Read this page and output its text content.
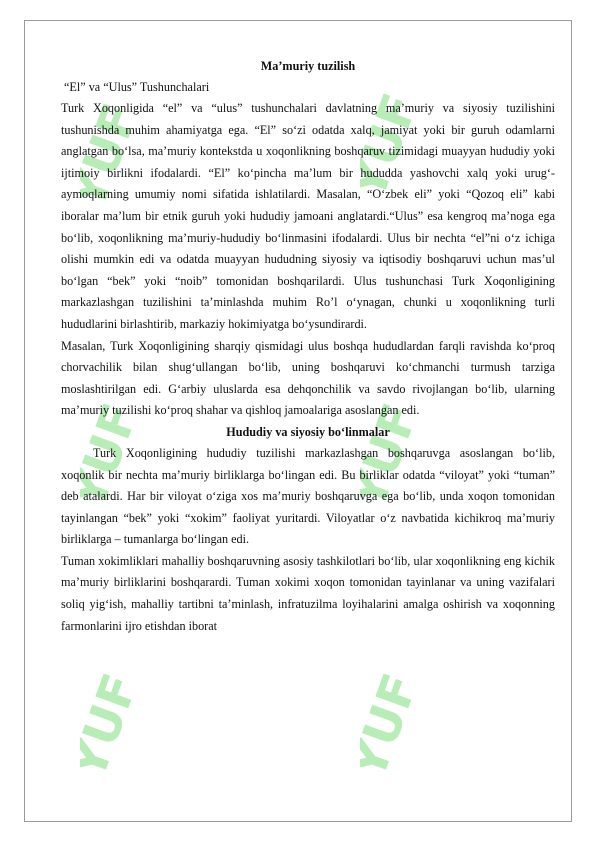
YUF	YUF
YUF	YUF
YUF	YUF
Ma’muriy tuzilish
“El” va “Ulus” Tushunchalari

Turk Xoqonligida “el” va “ulus” tushunchalari davlatning ma’muriy va siyosiy tuzilishini tushunishda muhim ahamiyatga ega. “El” so‘zi odatda xalq, jamiyat yoki bir guruh odamlarni anglatgan bo‘lsa, ma’muriy kontekstda u xoqonlikning boshqaruv tizimidagi muayyan hududiy yoki ijtimoiy birlikni ifodalardi. “El” ko‘pincha ma’lum bir hududda yashovchi xalq yoki urug‘-aymoqlarning umumiy nomi sifatida ishlatilardi. Masalan, “O‘zbek eli” yoki “Qozoq eli” kabi iboralar ma’lum bir etnik guruh yoki hududiy jamoani anglatardi.“Ulus” esa kengroq ma’noga ega bo‘lib, xoqonlikning ma’muriy-hududiy bo‘linmasini ifodalardi. Ulus bir nechta “el”ni o‘z ichiga olishi mumkin edi va odatda muayyan hududning siyosiy va iqtisodiy boshqaruvi uchun mas’ul bo‘lgan “bek” yoki “noib” tomonidan boshqarilardi. Ulus tushunchasi Turk Xoqonligining markazlashgan tuzilishini ta’minlashda muhim Ro’l o‘ynagan, chunki u xoqonlikning turli hududlarini birlashtirib, markaziy hokimiyatga bo‘ysundirardi.

Masalan, Turk Xoqonligining sharqiy qismidagi ulus boshqa hududlardan farqli ravishda ko‘proq chorvachilik bilan shug‘ullangan bo‘lib, uning boshqaruvi ko‘chmanchi turmush tarziga moslashtirilgan edi. G‘arbiy uluslarda esa dehqonchilik va savdo rivojlangan bo‘lib, ularning ma’muriy tuzilishi ko‘proq shahar va qishloq jamoalariga asoslangan edi.

Hududiy va siyosiy bo‘linmalar

Turk Xoqonligining hududiy tuzilishi markazlashgan boshqaruvga asoslangan bo‘lib, xoqonlik bir nechta ma’muriy birliklarga bo‘lingan edi. Bu birliklar odatda “viloyat” yoki “tuman” deb atalardi. Har bir viloyat o‘ziga xos ma’muriy boshqaruvga ega bo‘lib, unda xoqon tomonidan tayinlangan “bek” yoki “xokim” faoliyat yuritardi. Viloyatlar o‘z navbatida kichikroq ma’muriy birliklarga – tumanlarga bo‘lingan edi.

Tuman xokimliklari mahalliy boshqaruvning asosiy tashkilotlari bo‘lib, ular xoqonlikning eng kichik ma’muriy birliklarini boshqarardi. Tuman xokimi xoqon tomonidan tayinlanar va uning vazifalari soliq yig‘ish, mahalliy tartibni ta’minlash, infratuzilma loyihalarini amalga oshirish va xoqonning farmonlarini ijro etishdan iborat
